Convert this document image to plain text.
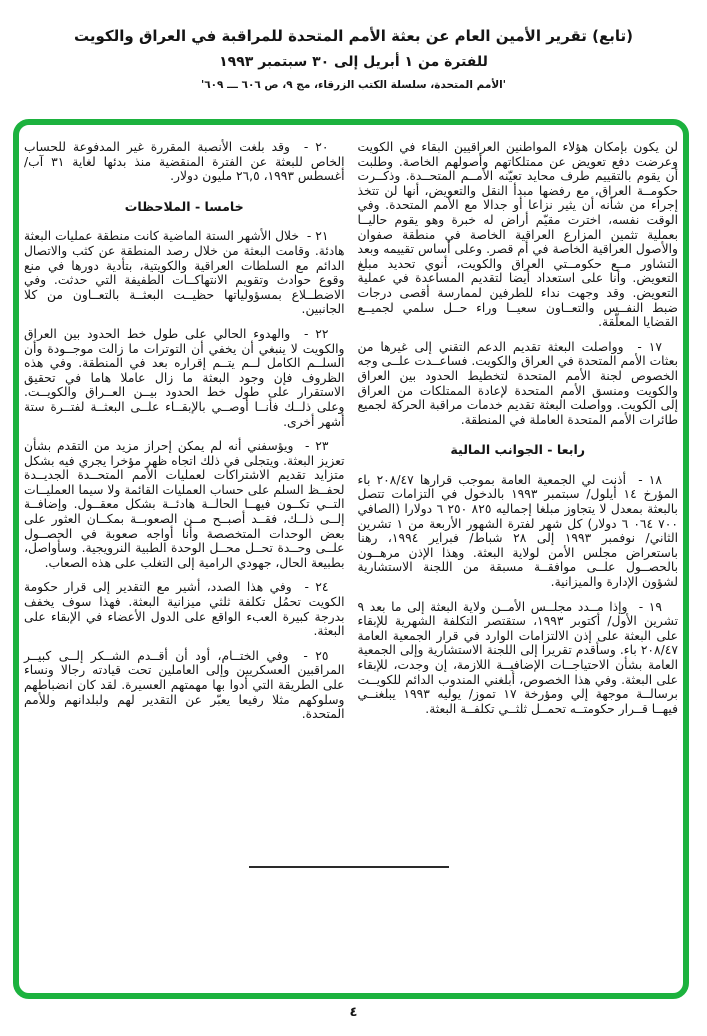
(تابع) تقرير الأمين العام عن بعثة الأمم المتحدة للمراقبة في العراق والكويت
للفترة من ١ أبريل إلى ٣٠ سبتمبر ١٩٩٣
'الأمم المتحدة، سلسلة الكتب الزرقاء، مج ٩، ص ٦٠٦ ـــ ٦٠٩'

لن يكون بإمكان هؤلاء المواطنين العراقيين البقاء في الكويت وعرضت دفع تعويض عن ممتلكاتهم وأصولهم الخاصة. وطلبت أن يقوم بالتقييم طرف محايد تعيّنه الأمــم المتحــدة. وذكــرت حكومــة العراق، مع رفضها مبدأ النقل والتعويض، أنها لن تتخذ إجراء من شأنه أن يثير نزاعا أو جدالا مع الأمم المتحدة. وفي الوقت نفسه، اخترت مقيّم أراض له خبرة وهو يقوم حاليــا بعملية تثمين المزارع العراقية الخاصة في منطقة صفوان والأصول العراقية الخاصة في أم قصر. وعلى أساس تقييمه وبعد التشاور مــع حكومــتي العراق والكويت، أنوي تحديد مبلغ التعويض. وأنا على استعداد أيضا لتقديم المساعدة في عملية التعويض. وقد وجهت نداء للطرفين لممارسة أقصى درجات ضبط النفــس والتعــاون سعيــا وراء حــل سلمي لجميــع القضايا المعلّقة.

١٧ -  وواصلت البعثة تقديم الدعم التقني إلى غيرها من بعثات الأمم المتحدة في العراق والكويت. فساعــدت علــى وجه الخصوص لجنة الأمم المتحدة لتخطيط الحدود بين العراق والكويت ومنسق الأمم المتحدة لإعادة الممتلكات من العراق إلى الكويت. وواصلت البعثة تقديم خدمات مراقبة الحركة لجميع طائرات الأمم المتحدة العاملة في المنطقة.

رابعا - الجوانب المالية

١٨ -  أذنت لي الجمعية العامة بموجب قرارها ٢٠٨/٤٧ باء المؤرخ ١٤ أيلول/ سبتمبر ١٩٩٣ بالدخول في التزامات تتصل بالبعثة بمعدل لا يتجاوز مبلغا إجماليه ٨٢٥ ٢٥٠ ٦ دولارا (الصافي ٧٠٠ ٠٦٤ ٦ دولار) كل شهر لفترة الشهور الأربعة من ١ تشرين الثاني/ نوفمبر ١٩٩٣ إلى ٢٨ شباط/ فبراير ١٩٩٤، رهنا باستعراض مجلس الأمن لولاية البعثة. وهذا الإذن مرهــون بالحصــول علــى موافقــة مسبقة من اللجنة الاستشارية لشؤون الإدارة والميزانية.

١٩ -  وإذا مــدد مجلــس الأمــن ولاية البعثة إلى ما بعد ٩ تشرين الأول/ أكتوبر ١٩٩٣، ستقتصر التكلفة الشهرية للإبقاء على البعثة على إذن الالتزامات الوارد في قرار الجمعية العامة ٢٠٨/٤٧ باء. وسأقدم تقريرا إلى اللجنة الاستشارية وإلى الجمعية العامة بشأن الاحتياجــات الإضافيــة اللازمة، إن وجدت، للإبقاء على البعثة. وفي هذا الخصوص، أبلغني المندوب الدائم للكويــت برسالــة موجهة إلي ومؤرخة ١٧ تموز/ يوليه ١٩٩٣ يبلغنــي فيهــا قــرار حكومتــه تحمــل ثلثــي تكلفــة البعثة.

٢٠ -  وقد بلغت الأنصبة المقررة غير المدفوعة للحساب الخاص للبعثة عن الفترة المنقضية منذ بدئها لغاية ٣١ آب/ أغسطس ١٩٩٣، ٢٦,٥ مليون دولار.

خامسا - الملاحظات

٢١ -  خلال الأشهر الستة الماضية كانت منطقة عمليات البعثة هادئة. وقامت البعثة من خلال رصد المنطقة عن كثب والاتصال الدائم مع السلطات العراقية والكويتية، بتأدية دورها في منع وقوع حوادث وتقويم الانتهاكــات الطفيفة التي حدثت. وفي الاضطــلاع بمسؤولياتها حظيــت البعثــة بالتعــاون من كلا الجانبين.

٢٢ -  والهدوء الحالي على طول خط الحدود بين العراق والكويت لا ينبغي أن يخفي أن التوترات ما زالت موجــودة وأن السلــم الكامل لــم يتــم إقراره بعد في المنطقة. وفي هذه الظروف فإن وجود البعثة ما زال عاملا هاما في تحقيق الاستقرار على طول خط الحدود بيــن العــراق والكويــت. وعلى ذلــك فأنــا أوصــي بالإبقــاء علــى البعثــة لفتــرة ستة أشهر أخرى.

٢٣ -  ويؤسفني أنه لم يمكن إحراز مزيد من التقدم بشأن تعزيز البعثة. ويتجلى في ذلك اتجاه ظهر مؤخرا يجري فيه بشكل متزايد تقديم الاشتراكات لعمليات الأمم المتحــدة الجديــدة لحفــظ السلم على حساب العمليات القائمة ولا سيما العمليــات التــي تكــون فيهــا الحالــة هادئــة بشكل معقــول. وإضافــة إلــى ذلــك، فقــد أصبــح مــن الصعوبــة بمكــان العثور على بعض الوحدات المتخصصة وأنا أواجه صعوبة في الحصــول علــى وحــدة تحــل محــل الوحدة الطبية النرويجية. وسأواصل، بطبيعة الحال، جهودي الرامية إلى التغلب على هذه الصعاب.

٢٤ -  وفي هذا الصدد، أشير مع التقدير إلى قرار حكومة الكويت تحمُل تكلفة ثلثي ميزانية البعثة. فهذا سوف يخفف بدرجة كبيرة العبء الواقع على الدول الأعضاء في الإبقاء على البعثة.

٢٥ -  وفي الختــام، أود أن أقــدم الشــكر إلــى كبيــر المراقبين العسكريين وإلى العاملين تحت قيادته رجالا ونساء على الطريقة التي أدوا بها مهمتهم العسيرة. لقد كان انضباطهم وسلوكهم مثلا رفيعا يعبّر عن التقدير لهم ولبلدانهم وللأمم المتحدة.

٤
